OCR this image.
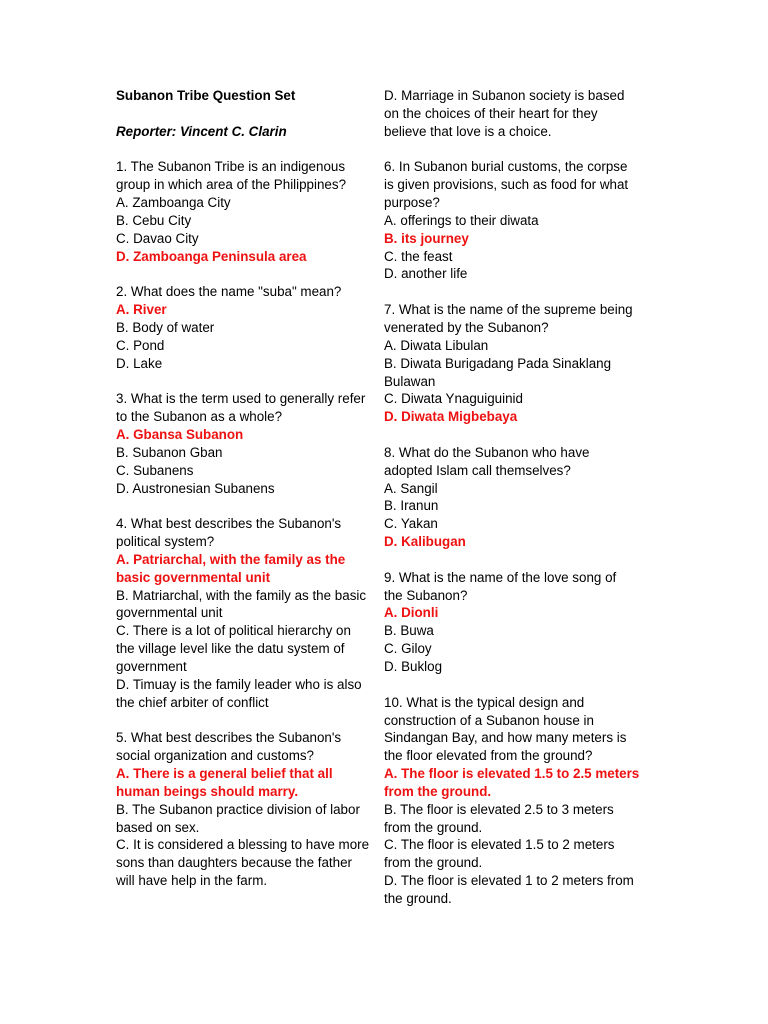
Subanon Tribe Question Set
Reporter: Vincent C. Clarin
1. The Subanon Tribe is an indigenous
group in which area of the Philippines?
A. Zamboanga City
B. Cebu City
C. Davao City
D. Zamboanga Peninsula area
2. What does the name "suba" mean?
A. River
B. Body of water
C. Pond
D. Lake
3. What is the term used to generally refer
to the Subanon as a whole?
A. Gbansa Subanon
B. Subanon Gban
C. Subanens
D. Austronesian Subanens
4. What best describes the Subanon's
political system?
A. Patriarchal, with the family as the
basic governmental unit
B. Matriarchal, with the family as the basic
governmental unit
C. There is a lot of political hierarchy on
the village level like the datu system of
government
D. Timuay is the family leader who is also
the chief arbiter of conflict
5. What best describes the Subanon's
social organization and customs?
A. There is a general belief that all
human beings should marry.
B. The Subanon practice division of labor
based on sex.
C. It is considered a blessing to have more
sons than daughters because the father
will have help in the farm.
D. Marriage in Subanon society is based
on the choices of their heart for they
believe that love is a choice.
6. In Subanon burial customs, the corpse
is given provisions, such as food for what
purpose?
A. offerings to their diwata
B. its journey
C. the feast
D. another life
7. What is the name of the supreme being
venerated by the Subanon?
A. Diwata Libulan
B. Diwata Burigadang Pada Sinaklang
Bulawan
C. Diwata Ynaguiguinid
D. Diwata Migbebaya
8. What do the Subanon who have
adopted Islam call themselves?
A. Sangil
B. Iranun
C. Yakan
D. Kalibugan
9. What is the name of the love song of
the Subanon?
A. Dionli
B. Buwa
C. Giloy
D. Buklog
10. What is the typical design and
construction of a Subanon house in
Sindangan Bay, and how many meters is
the floor elevated from the ground?
A. The floor is elevated 1.5 to 2.5 meters
from the ground.
B. The floor is elevated 2.5 to 3 meters
from the ground.
C. The floor is elevated 1.5 to 2 meters
from the ground.
D. The floor is elevated 1 to 2 meters from
the ground.
